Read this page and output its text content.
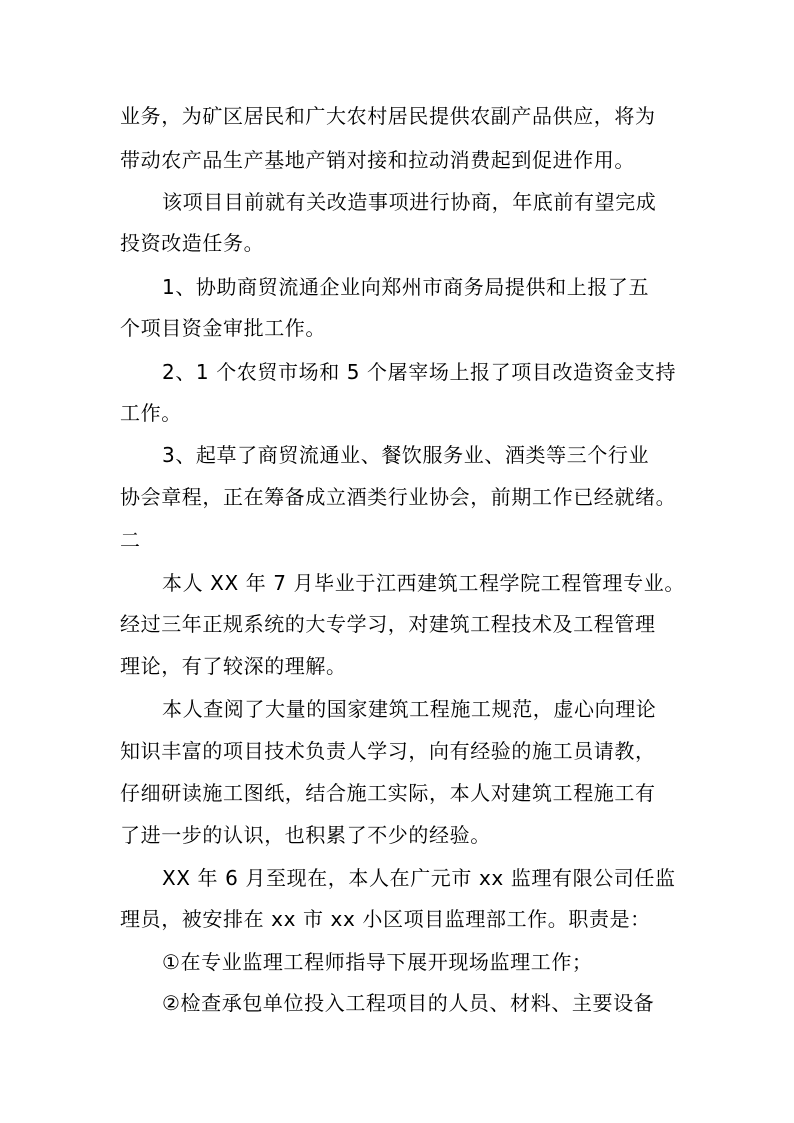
业务，为矿区居民和广大农村居民提供农副产品供应，将为
带动农产品生产基地产销对接和拉动消费起到促进作用。
该项目目前就有关改造事项进行协商，年底前有望完成
投资改造任务。
1、协助商贸流通企业向郑州市商务局提供和上报了五
个项目资金审批工作。
2、1 个农贸市场和 5 个屠宰场上报了项目改造资金支持
工作。
3、起草了商贸流通业、餐饮服务业、酒类等三个行业
协会章程，正在筹备成立酒类行业协会，前期工作已经就绪。
二
本人 XX 年 7 月毕业于江西建筑工程学院工程管理专业。
经过三年正规系统的大专学习，对建筑工程技术及工程管理
理论，有了较深的理解。
本人查阅了大量的国家建筑工程施工规范，虚心向理论
知识丰富的项目技术负责人学习，向有经验的施工员请教，
仔细研读施工图纸，结合施工实际，本人对建筑工程施工有
了进一步的认识，也积累了不少的经验。
XX 年 6 月至现在，本人在广元市 xx 监理有限公司任监
理员，被安排在 xx 市 xx 小区项目监理部工作。职责是：
①在专业监理工程师指导下展开现场监理工作；
②检查承包单位投入工程项目的人员、材料、主要设备
